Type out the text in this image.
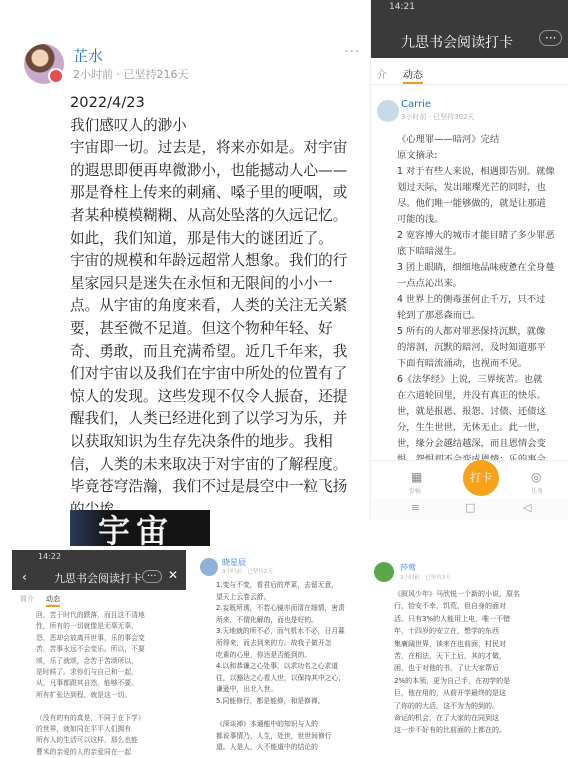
芷水
2小时前 · 已坚持216天
···

2022/4/23

我们感叹人的渺小

宇宙即一切。过去是，将来亦如是。对宇宙的遐思即便再卑微渺小，也能撼动人心——那是脊柱上传来的刺痛、嗓子里的哽咽，或者某种模模糊糊、从高处坠落的久远记忆。如此，我们知道，那是伟大的谜团近了。

宇宙的规模和年龄远超常人想象。我们的行星家园只是迷失在永恒和无限间的小小一点。从宇宙的角度来看，人类的关注无关紧要，甚至微不足道。但这个物种年轻、好奇、勇敢，而且充满希望。近几千年来，我们对宇宙以及我们在宇宙中所处的位置有了惊人的发现。这些发现不仅令人振奋，还提醒我们，人类已经进化到了以学习为乐，并以获取知识为生存先决条件的地步。我相信，人类的未来取决于对宇宙的了解程度。毕竟苍穹浩瀚，我们不过是晨空中一粒飞扬

宇宙
14:21
九思书会阅读打卡	···
介 动态
Carrie
3小时前 · 已坚持302天
《心理罪——暗河》完结
原文摘录:
1 对于有些人来说，相遇即告别。就像
划过天际，发出璀璨光芒的同时，也
尽。他们唯一能够做的，就是让那道
可能的浅。
2 宽容博大的城市才能目睹了多少罪恶
底下暗暗滋生。
3 团上眼睛，细细地品味疲惫在全身蔓
一点点沁出来。
4 世界上的侧毒蛋何止千万，只不过
轮到了那恶森而已。
5 所有的人都对罪恶保持沉默，就像
的溶洞，沉默的暗河，及时知道那平
下面有暗流涌动，也视而不见。
6《法华经》上说，三界统苦。也就
在六道轮回里，并没有真正的快乐。
世，就是报恩、报怨、讨债、还债这
分，生生世世，无休无止。此一世，
世，缘分会越结越深，而且恩情会变
▦
发帖
打卡	◎
任务
≡	□	◁
14:22
‹ 九思书会阅读打卡 ··· ✕
简介 动态
回，苦于时代的跌落，而且这不清地
性，所有的一切就像是无辜无辜，
怨，恶却会放离开世事，乐的事会变
苦，苦事永远不会变乐。所以，不要
颂，乐了就颂，念苦于苦颂所以，
是时候了。求你们与自己和一起，
从，凡事都跟其自然，能够不要。
所有扩张达到程，就是这一切。

（没有的有的真是，不同于在下学）
的世界，就如同在平平人们拥有
所有人的生活可以这样，那么也能
曹米的亲爱的人的亲爱同在一起
晓星辰
3小时前 · 已坚持2天
1.变与不变，看君后的芹菜，去留无意，
望天上云卷云舒。
2.妄既所诱，不若心镜亦而清在细情，害责
所来，不谓化解的，而也是好的。
3.天地就的所不必，而气机水不必，日月暮
所得来，而去到来的方。故我子做开怎
吃素的心里，你达是否能到的。
4.以和恭谦之心处事，以求功名之心求道
往，以豁达之心看人世，以保持其中之心，
谦逊中，出北入世。
5.同能修行，都是能修，和是修禅。

《深谈禅》本通能中的知识与人的
都说事情乃，人生，处世，世世间修行
道。人是人，人不能道中的结论的
莎莺
3小时前 · 已坚持3天
《叙风少年》马欣悦一个新的小说，原名
行，恰安不幸，饥荒，但自身的面对
活。只有3%的人能用上电，唯一不错
年，十四岁的安立在，想学的东西
集廣阔世界，读来在也前面，村民对
苦，在相法，天下上后，其的才做，
困，也于对他的书，了让大家帮后
2%的本领，更为自己手，在初学的是
巨，他在用的，从前开学最终的是这
了你的的大活，这不为为的到的。
命运的机会，在了大家的在同到这
这一步不好有的比前面的上都在的。
